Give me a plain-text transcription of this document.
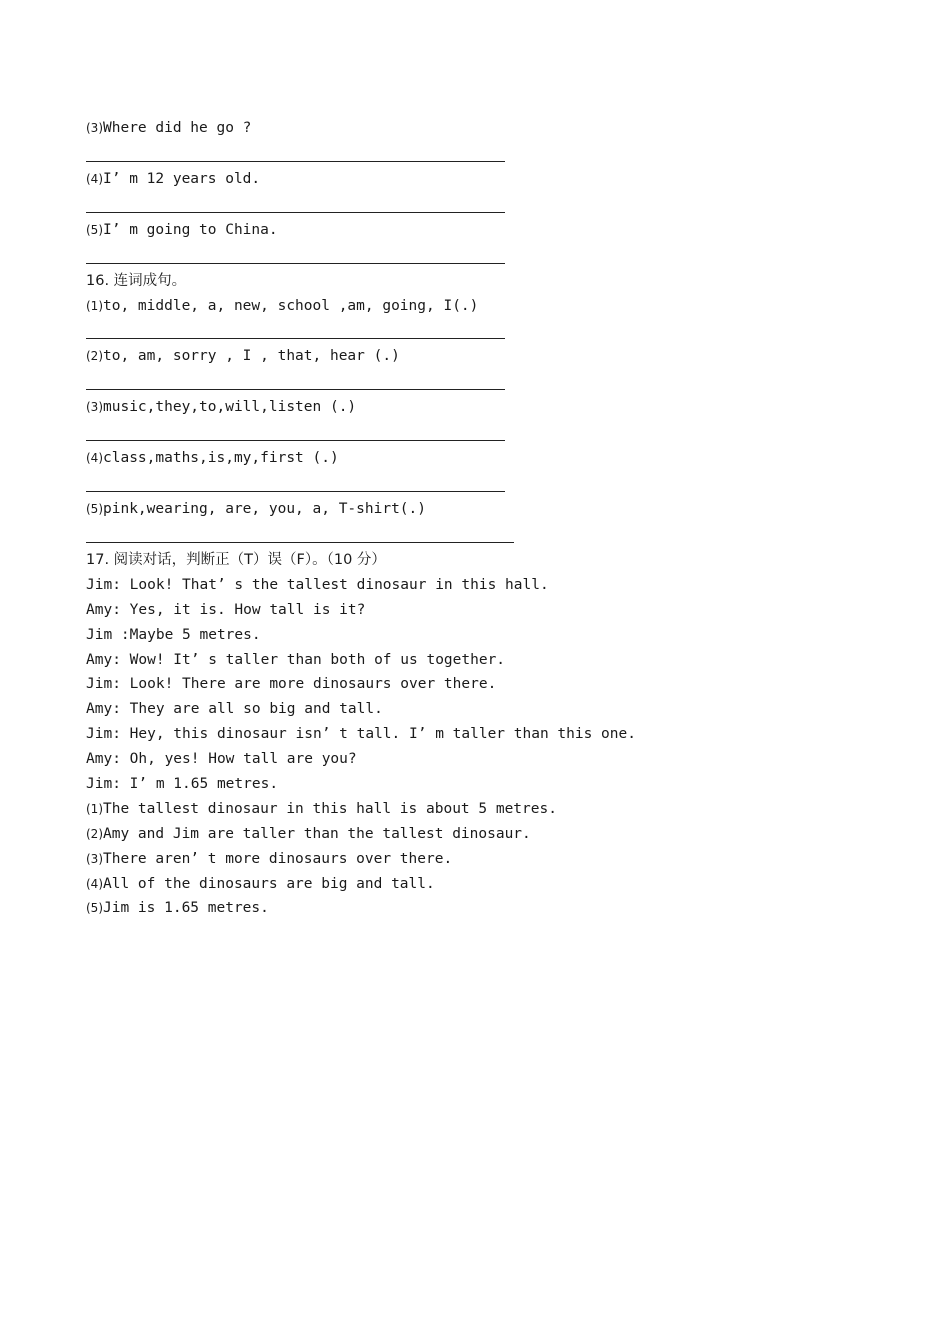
(3)Where did he go ?
(4)I’ m 12 years old.
(5)I’ m going to China.
16. 连词成句。
(1)to, middle, a, new, school ,am, going, I(.)
(2)to, am, sorry , I , that, hear (.)
(3)music,they,to,will,listen (.)
(4)class,maths,is,my,first (.)
(5)pink,wearing, are, you, a, T-shirt(.)
17. 阅读对话，判断正（T）误（F）。（10 分）
Jim: Look! That’ s the tallest dinosaur in this hall.
Amy: Yes, it is. How tall is it?
Jim :Maybe 5 metres.
Amy: Wow! It’ s taller than both of us together.
Jim: Look! There are more dinosaurs over there.
Amy: They are all so big and tall.
Jim: Hey, this dinosaur isn’ t tall. I’ m taller than this one.
Amy: Oh, yes! How tall are you?
Jim: I’ m 1.65 metres.
(1)The tallest dinosaur in this hall is about 5 metres.
(2)Amy and Jim are taller than the tallest dinosaur.
(3)There aren’ t more dinosaurs over there.
(4)All of the dinosaurs are big and tall.
(5)Jim is 1.65 metres.
